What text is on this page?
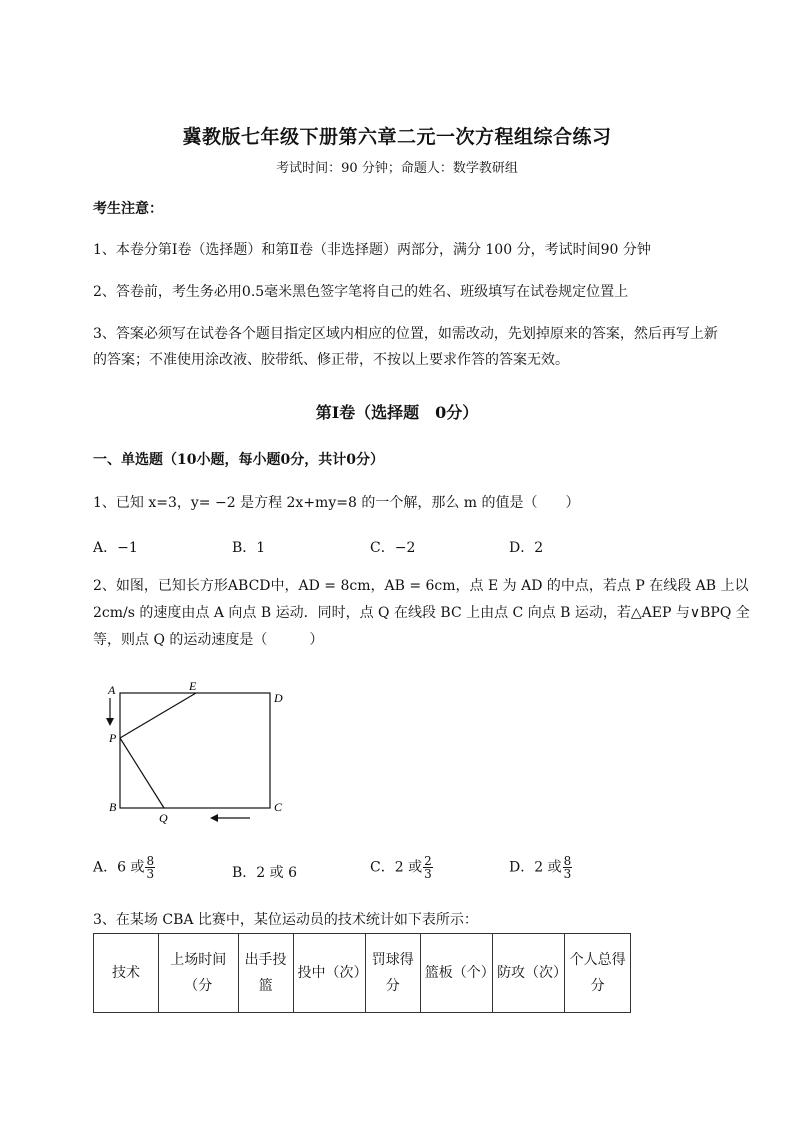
冀教版七年级下册第六章二元一次方程组综合练习
考试时间：90 分钟；命题人：数学教研组
考生注意：
1、本卷分第Ⅰ卷（选择题）和第Ⅱ卷（非选择题）两部分，满分 100 分，考试时间90 分钟
2、答卷前，考生务必用0.5毫米黑色签字笔将自己的姓名、班级填写在试卷规定位置上
3、答案必须写在试卷各个题目指定区域内相应的位置，如需改动，先划掉原来的答案，然后再写上新
的答案；不准使用涂改液、胶带纸、修正带，不按以上要求作答的答案无效。
第Ⅰ卷（选择题　0分）
一、单选题（10小题，每小题0分，共计0分）
1、已知 x=3，y= −2 是方程 2x+my=8 的一个解，那么 m 的值是（　　）
A．−1	B．1	C．−2	D．2
2、如图，已知长方形ABCD中，AD = 8cm，AB = 6cm，点 E 为 AD 的中点，若点 P 在线段 AB 上以
2cm/s 的速度由点 A 向点 B 运动．同时，点 Q 在线段 BC 上由点 C 向点 B 运动，若△AEP 与∨BPQ 全
等，则点 Q 的运动速度是（　　　）
A	E
D
P
B
Q
C
A．6 或 $\frac{8}{3}$	B．2 或 6	C．2 或 $\frac{2}{3}$	D．2 或 $\frac{8}{3}$
3、在某场 CBA 比赛中，某位运动员的技术统计如下表所示：
技术	上场时间（分	出手投篮	投中（次）	罚球得分	篮板（个）	防攻（次）	个人总得分
